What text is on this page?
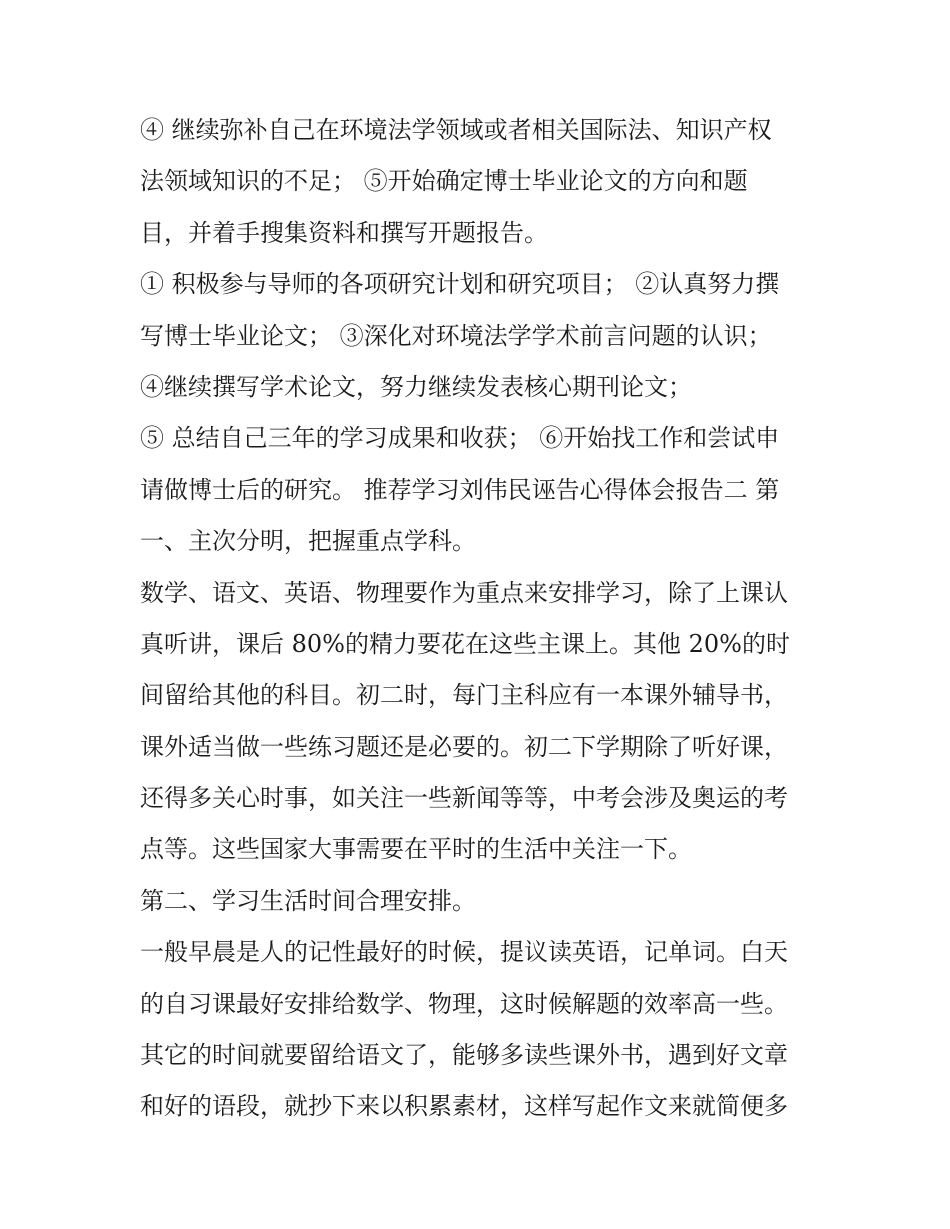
④ 继续弥补自己在环境法学领域或者相关国际法、知识产权
法领域知识的不足； ⑤开始确定博士毕业论文的方向和题
目，并着手搜集资料和撰写开题报告。
① 积极参与导师的各项研究计划和研究项目； ②认真努力撰
写博士毕业论文； ③深化对环境法学学术前言问题的认识；
④继续撰写学术论文，努力继续发表核心期刊论文；
⑤ 总结自己三年的学习成果和收获； ⑥开始找工作和尝试申
请做博士后的研究。 推荐学习刘伟民诬告心得体会报告二 第
一、主次分明，把握重点学科。
数学、语文、英语、物理要作为重点来安排学习，除了上课认
真听讲，课后 80%的精力要花在这些主课上。其他 20%的时
间留给其他的科目。初二时，每门主科应有一本课外辅导书，
课外适当做一些练习题还是必要的。初二下学期除了听好课，
还得多关心时事，如关注一些新闻等等，中考会涉及奥运的考
点等。这些国家大事需要在平时的生活中关注一下。
第二、学习生活时间合理安排。
一般早晨是人的记性最好的时候，提议读英语，记单词。白天
的自习课最好安排给数学、物理，这时候解题的效率高一些。
其它的时间就要留给语文了，能够多读些课外书，遇到好文章
和好的语段，就抄下来以积累素材，这样写起作文来就简便多
